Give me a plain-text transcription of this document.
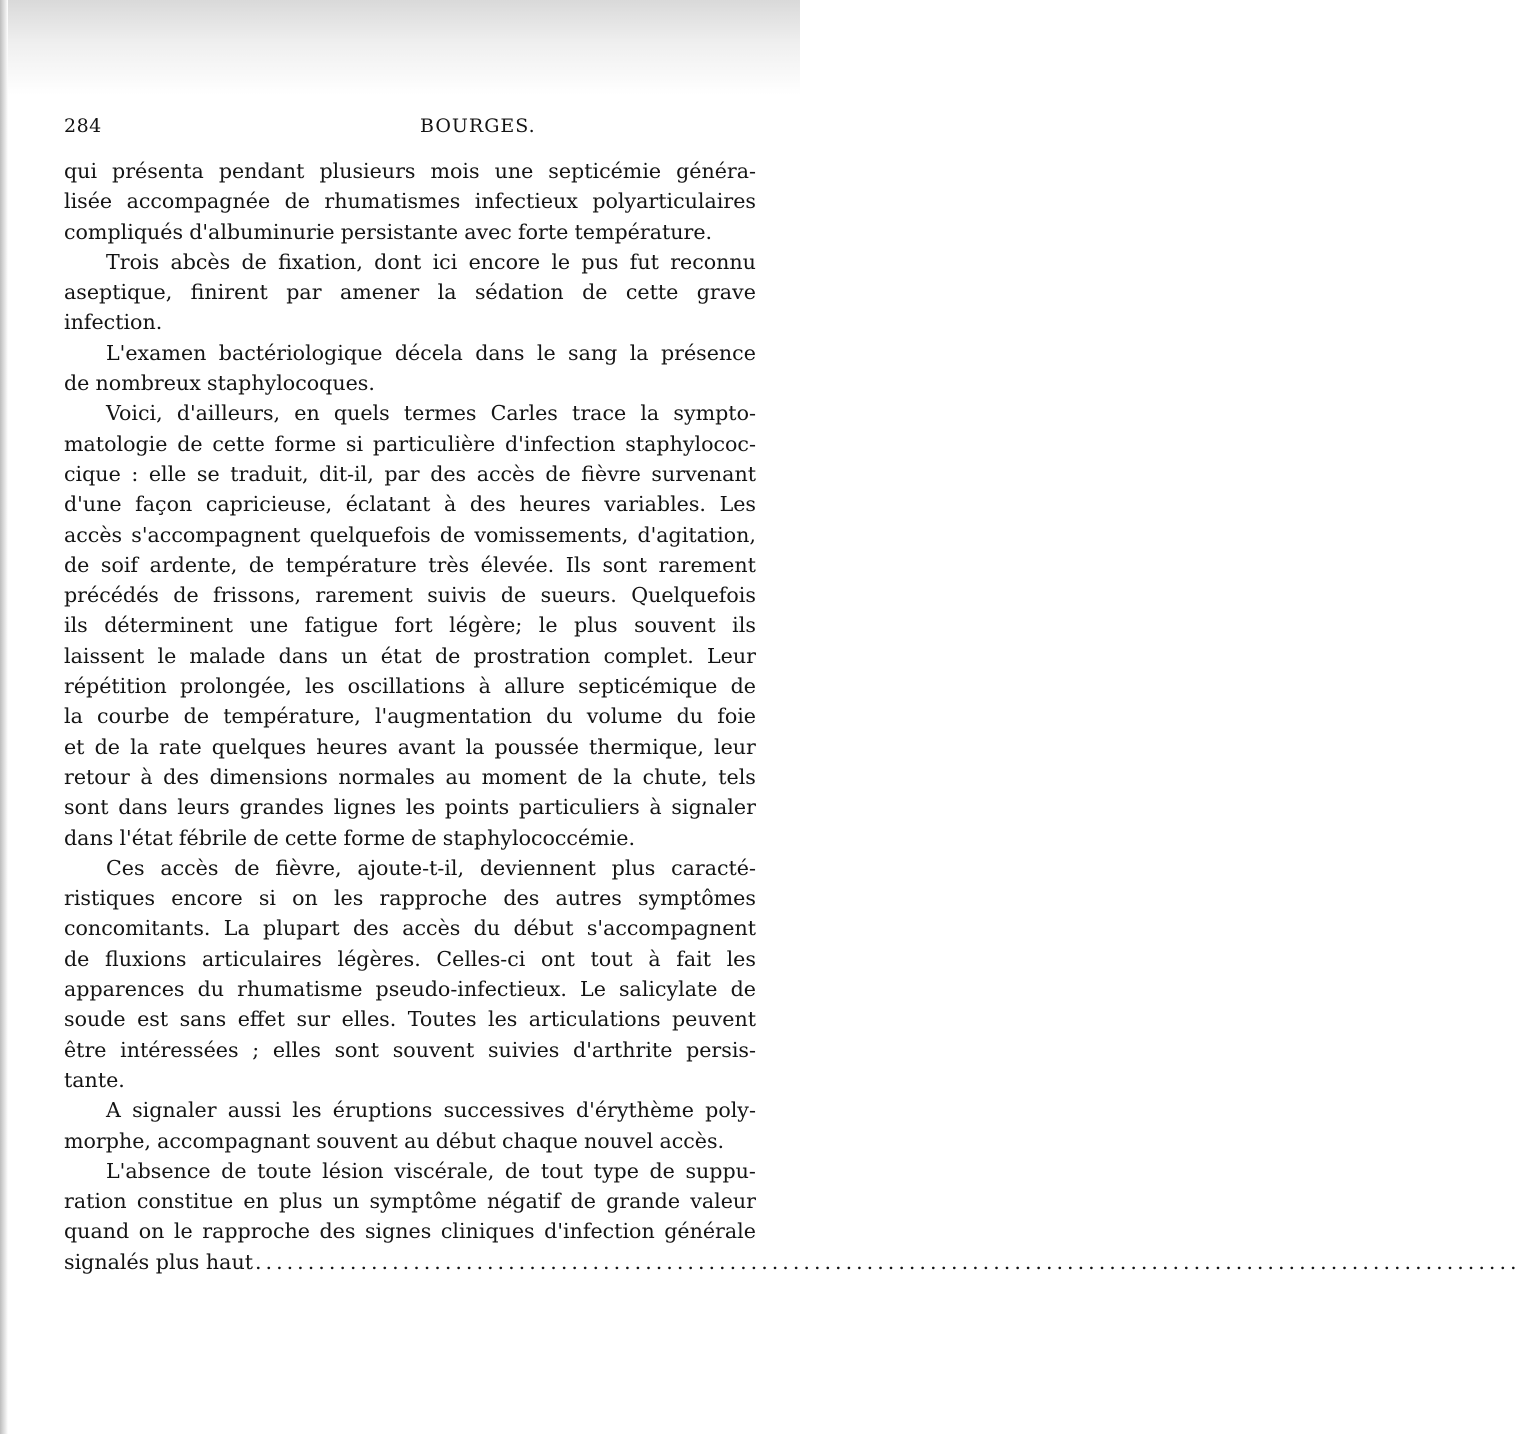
284	BOURGES.
qui présenta pendant plusieurs mois une septicémie généra-
lisée accompagnée de rhumatismes infectieux polyarticulaires
compliqués d'albuminurie persistante avec forte température.
Trois abcès de fixation, dont ici encore le pus fut reconnu
aseptique, finirent par amener la sédation de cette grave
infection.
L'examen bactériologique décela dans le sang la présence
de nombreux staphylocoques.
Voici, d'ailleurs, en quels termes Carles trace la sympto-
matologie de cette forme si particulière d'infection staphylococ-
cique : elle se traduit, dit-il, par des accès de fièvre survenant
d'une façon capricieuse, éclatant à des heures variables. Les
accès s'accompagnent quelquefois de vomissements, d'agitation,
de soif ardente, de température très élevée. Ils sont rarement
précédés de frissons, rarement suivis de sueurs. Quelquefois
ils déterminent une fatigue fort légère; le plus souvent ils
laissent le malade dans un état de prostration complet. Leur
répétition prolongée, les oscillations à allure septicémique de
la courbe de température, l'augmentation du volume du foie
et de la rate quelques heures avant la poussée thermique, leur
retour à des dimensions normales au moment de la chute, tels
sont dans leurs grandes lignes les points particuliers à signaler
dans l'état fébrile de cette forme de staphylococcémie.
Ces accès de fièvre, ajoute-t-il, deviennent plus caracté-
ristiques encore si on les rapproche des autres symptômes
concomitants. La plupart des accès du début s'accompagnent
de fluxions articulaires légères. Celles-ci ont tout à fait les
apparences du rhumatisme pseudo-infectieux. Le salicylate de
soude est sans effet sur elles. Toutes les articulations peuvent
être intéressées ; elles sont souvent suivies d'arthrite persis-
tante.
A signaler aussi les éruptions successives d'érythème poly-
morphe, accompagnant souvent au début chaque nouvel accès.
L'absence de toute lésion viscérale, de tout type de suppu-
ration constitue en plus un symptôme négatif de grande valeur
quand on le rapproche des signes cliniques d'infection générale
signalés plus haut ........................................................................................................................
